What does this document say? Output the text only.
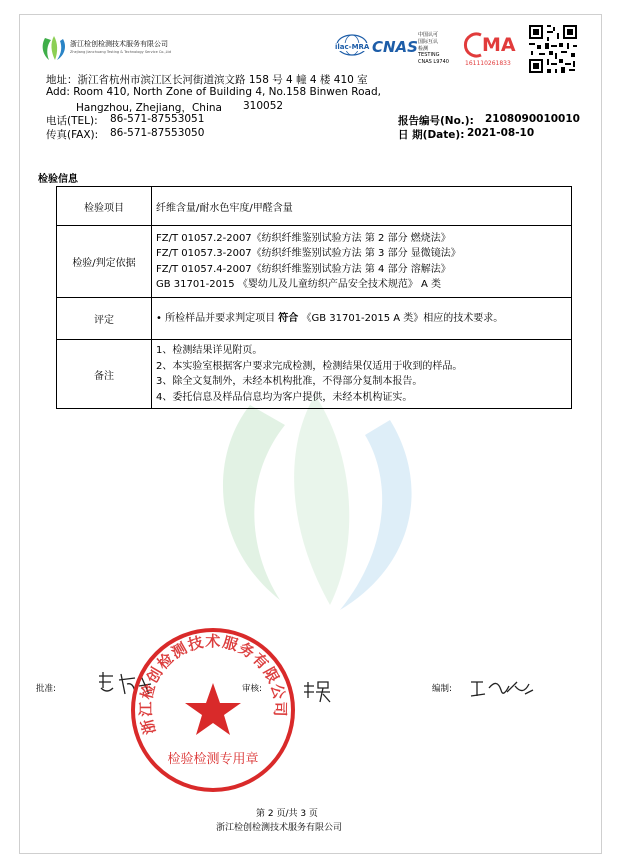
浙江检创检测技术服务有限公司
Zhejiang Jianchuang Testing & Technology Service Co.,Ltd
ilac-MRA CNAS
中国认可
国际互认
检测
TESTING
CNAS L9740
MA
161110261833
地址：浙江省杭州市滨江区长河街道滨文路 158 号 4 幢 4 楼 410 室
Add: Room 410, North Zone of Building 4, No.158 Binwen Road,
Hangzhou, Zhejiang，China 310052
电话(TEL): 86-571-87553051
传真(FAX): 86-571-87553050
报告编号(No.): 2108090010010
日 期(Date): 2021-08-10
检验信息
检验项目	纤维含量/耐水色牢度/甲醛含量
检验/判定依据	FZ/T 01057.2-2007《纺织纤维鉴别试验方法 第 2 部分 燃烧法》
FZ/T 01057.3-2007《纺织纤维鉴别试验方法 第 3 部分 显微镜法》
FZ/T 01057.4-2007《纺织纤维鉴别试验方法 第 4 部分 溶解法》
GB 31701-2015 《婴幼儿及儿童纺织产品安全技术规范》 A 类

评定	• 所检样品并要求判定项目 符合 《GB 31701-2015 A 类》相应的技术要求。
备注	1、检测结果详见附页。
2、本实验室根据客户要求完成检测，检测结果仅适用于收到的样品。
3、除全文复制外，未经本机构批准，不得部分复制本报告。
4、委托信息及样品信息均为客户提供，未经本机构证实。
批准:	审核:	编制:
浙江检创检测技术服务有限公司
检验检测专用章
第 2 页/共 3 页
浙江检创检测技术服务有限公司
